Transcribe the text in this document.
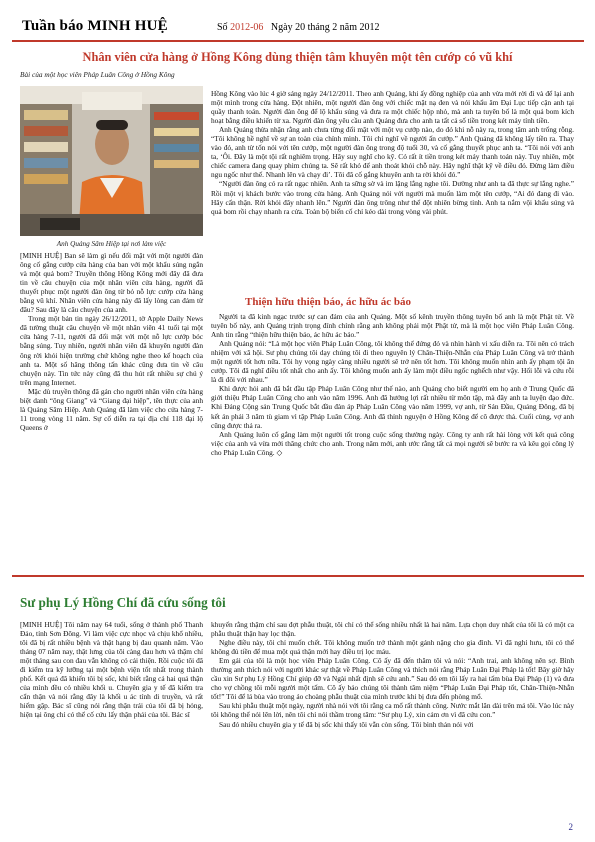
Tuần báo MINH HUỆ	Số 2012-06 Ngày 20 tháng 2 năm 2012
Nhân viên cửa hàng ở Hồng Kông dùng thiện tâm khuyên một tên cướp có vũ khí
Bài của một học viên Pháp Luân Công ở Hồng Kông
Anh Quảng Sâm Hiệp tại nơi làm việc

[MINH HUỆ] Ban sẽ làm gì nếu đối mặt với một người đàn ông cố gắng cướp cửa hàng của ban với một khẩu súng ngắn và một quả bom? Truyền thông Hồng Kông mới đây đã đưa tin về câu chuyện của một nhân viên cửa hàng, người đã thuyết phục một người đàn ông từ bỏ nỗ lực cướp cửa hàng bằng vũ khí. Nhân viên cửa hàng này đã lấy lòng can đảm từ đâu? Sau đây là câu chuyện của anh.

Trong một bản tin ngày 26/12/2011, tờ Apple Daily News đã tường thuật câu chuyện về một nhân viên 41 tuổi tại một cửa hàng 7-11, người đã đối mặt với một nỗ lực cướp bóc bằng súng. Tuy nhiên, người nhân viên đã khuyên người đàn ông rời khỏi hiện trường chứ không nghe theo kế hoạch của anh ta. Một số hãng thông tấn khác cũng đưa tin về câu chuyện này. Tin tức này cũng đã thu hút rất nhiều sự chú ý trên mạng Internet.

Mặc dù truyền thông đã gán cho người nhân viên cửa hàng biệt danh “ông Giang” và “Giang đại hiệp”, tên thực của anh là Quảng Sâm Hiệp. Anh Quảng đã làm việc cho cửa hàng 7-11 trong vòng 11 năm. Sự cố diễn ra tại địa chỉ 118 đại lộ Queens ở

Hồng Kông vào lúc 4 giờ sáng ngày 24/12/2011. Theo anh Quảng, khi ấy đồng nghiệp của anh vừa mới rời đi và để lại anh một mình trong cửa hàng. Đột nhiên, một người đàn ông với chiếc mặt nạ đen và nói khẩu âm Đại Lục tiếp cận anh tại quầy thanh toán. Người đàn ông để lộ khẩu súng và đưa ra một chiếc hộp nhỏ, mà anh ta tuyên bố là một quả bom kích hoạt bằng điều khiển từ xa. Người đàn ông yêu cầu anh Quảng đưa cho anh ta tất cả số tiền trong két máy tính tiền.

Anh Quảng thừa nhận rằng anh chưa từng đối mặt với một vụ cướp nào, do đó khi nỗ này ra, trong tâm anh trống rỗng. “Tôi không hề nghĩ về sự an toàn của chính mình. Tôi chỉ nghĩ về người ấn cướp.” Anh Quảng đã không lấy tiền ra. Thay vào đó, anh từ tốn nói với tên cướp, một người đàn ông trong độ tuổi 30, và cố gắng thuyết phục anh ta. “Tôi nói với anh ta, ‘Ôi. Đây là một tội rất nghiêm trọng. Hãy suy nghĩ cho kỹ. Có rất ít tiền trong két máy thanh toán này. Tuy nhiên, một chiếc camera đang quay phim chúng ta. Sẽ rất khó để anh thoát khỏi chỗ này. Hãy nghĩ thật kỹ về điều đó. Đừng làm điều ngu ngốc như thế. Nhanh lên và chạy đi’. Tôi đã cố gắng khuyên anh ta rời khỏi đó.”

“Người đàn ông có ra rất ngạc nhiên. Anh ta sững sờ và im lặng lắng nghe tôi. Dường như anh ta đã thực sự lắng nghe.” Rồi một vị khách bước vào trong cửa hàng. Anh Quảng nói với người mà muốn làm một tên cướp, “Ai đó đang đi vào. Hãy cẩn thận. Rời khỏi đây nhanh lên.” Người đàn ông trông như thể đột nhiên bừng tỉnh. Anh ta nắm vội khẩu súng và quả bom rồi chạy nhanh ra cửa. Toàn bộ biến cố chỉ kéo dài trong vòng vài phút.

Thiện hữu thiện báo, ác hữu ác báo

Người ta đã kinh ngạc trước sự can đảm của anh Quảng. Một số kênh truyền thông tuyên bố anh là một Phật tử. Về tuyên bố này, anh Quảng trịnh trọng đính chính rằng anh không phải một Phật tử, mà là một học viên Pháp Luân Công. Anh tin rằng “thiện hữu thiện báo, ác hữu ác báo.”

Anh Quảng nói: “Là một học viên Pháp Luân Công, tôi không thể đứng đó và nhìn hành vi xấu diễn ra. Tôi nên có trách nhiệm với xã hội. Sư phụ chúng tôi dạy chúng tôi đi theo nguyên lý Chân-Thiện-Nhẫn của Pháp Luân Công và trở thành một người tốt hơn nữa. Tôi hy vọng ngày càng nhiều người sẽ trở nên tốt hơn. Tôi không muốn nhìn anh ấy phạm tội ăn cướp. Tôi đã nghĩ điều tốt nhất cho anh ấy. Tôi không muốn anh ấy làm một điều ngốc nghếch như vậy. Hối lỗi và cứu rỗi là đi đôi với nhau.”

Khi được hỏi anh đã bắt đầu tập Pháp Luân Công như thế nào, anh Quảng cho biết người em họ anh ở Trung Quốc đã giới thiệu Pháp Luân Công cho anh vào năm 1996. Anh đã hưởng lợi rất nhiều từ môn tập, mà đây anh ta luyện đạo đức. Khi Đảng Cộng sản Trung Quốc bắt đầu đàn áp Pháp Luân Công vào năm 1999, vợ anh, từ Sán Đầu, Quảng Đông, đã bị kết án phải 3 năm tù giam vì tập Pháp Luân Công. Anh đã thỉnh nguyện ở Hồng Kông để cô được thả. Cuối cùng, vợ anh cũng được thả ra.

Anh Quảng luôn cố gắng làm một người tốt trong cuộc sống thường ngày. Công ty anh rất hài lòng với kết quả công việc của anh và vừa mới thăng chức cho anh. Trong năm mới, anh ước rằng tất cả mọi người sẽ bước ra và kêu gọi công lý cho Pháp Luân Công. ◇

Sư phụ Lý Hồng Chí đã cứu sống tôi

[MINH HUỆ] Tôi năm nay 64 tuổi, sống ở thành phố Thanh Đảo, tỉnh Sơn Đông. Vì làm việc cực nhọc và chịu khổ nhiều, tôi đã bị rất nhiều bệnh và thật hạng bị đau quanh năm. Vào tháng 07 năm nay, thật lưng của tôi càng đau hơn và thậm chí một tháng sau con đau vẫn không có cải thiện. Rồi cuộc tôi đã đi kiểm tra kỹ lưỡng tại một bệnh viện tốt nhất trong thành phố. Kết quả đã khiến tôi bị sốc, khi biết rằng cả hai quả thận của mình đều có nhiều khối u. Chuyên gia y tế đã kiểm tra cẩn thận và nói rằng đây là khối u ác tính di truyền, và rất hiếm gặp. Bác sĩ cũng nói rằng thận trái của tôi đã bị hỏng, hiện tại ông chỉ có thể cố cứu lấy thận phải của tôi. Bác sĩ

khuyến rằng thậm chí sau đợt phẫu thuật, tôi chỉ có thể sống nhiều nhất là hai năm. Lựa chọn duy nhất của tôi là có một ca phẫu thuật thận hay lọc thận.

Nghe điều này, tôi chỉ muốn chết. Tôi không muốn trở thành một gánh nặng cho gia đình. Vì đã nghỉ hưu, tôi có thể không đủ tiền để mua một quả thận mới hay điều trị lọc máu.

Em gái của tôi là một học viên Pháp Luân Công. Cô ấy đã đến thăm tôi và nói: “Anh trai, anh không nên sợ. Bình thường anh thích nói với người khác sự thật về Pháp Luân Công và thích nói rằng Pháp Luân Đại Pháp là tốt! Bây giờ hãy cầu xin Sư phụ Lý Hồng Chí giúp đỡ và Ngài nhất định sẽ cứu anh.” Sau đó em tôi lấy ra hai tấm bùa Đại Pháp (1) và đưa cho vợ chồng tôi mỗi người một tấm. Cô ấy bảo chúng tôi thành tâm niệm “Pháp Luân Đại Pháp tốt, Chân-Thiện-Nhẫn tốt!” Tôi để lá bùa vào trong áo choàng phẫu thuật của mình trước khi bị đưa đến phòng mổ.

Sau khi phẫu thuật một ngày, người nhà nói với tôi rằng ca mổ rất thành công. Nước mắt lăn dài trên má tôi. Vào lúc này tôi không thể nói lên lời, nên tôi chỉ nói thầm trong tâm: “Sư phụ Lý, xin cảm ơn vì đã cứu con.”

Sau đó nhiều chuyên gia y tế đã bị sốc khi thấy tôi vẫn còn sống. Tôi bình thản nói với

2
